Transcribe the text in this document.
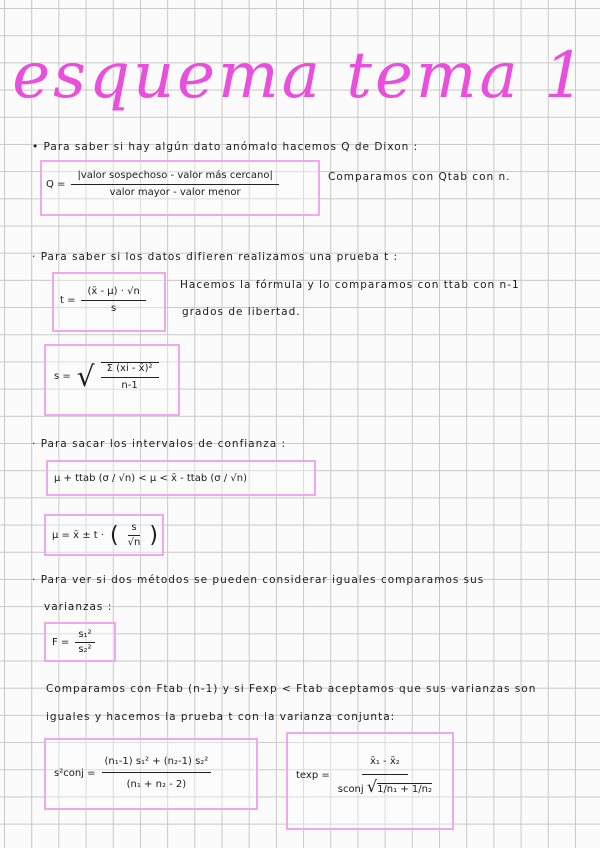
esquema tema 1
• Para saber si hay algún dato anómalo hacemos Q de Dixon :
$Q = \frac{\text{|valor sospechoso - valor más cercano|}}{\text{valor mayor - valor menor}}$	Comparamos con Qtab con n.
· Para saber si los datos difieren realizamos una prueba t :
$t = \frac{(x̄ - \mu) \cdot √n}{s}$
Hacemos la fórmula y lo comparamos con ttab con n-1
grados de libertad.
s = √ $\frac{\text{Σ (xi - x̄)²}}{n-1}$
· Para sacar los intervalos de confianza :
μ + ttab (σ / √n) < μ < x̄ - ttab (σ / √n)
μ = x̄ ± t · ( $\frac{s}{√n}$ )
· Para ver si dos métodos se pueden considerar iguales comparamos sus
varianzas :
$F = \frac{\text{s₁²}}{\text{s₂²}}$
Comparamos con Ftab (n-1) y si Fexp < Ftab aceptamos que sus varianzas son
iguales y hacemos la prueba t con la varianza conjunta:
s²conj = $\frac{\text{(n₁-1) s₁² + (n₂-1) s₂²}}{\text{(n₁ + n₂ - 2)}}$	$texp = \frac{\text{x̄₁ - x̄₂}}{\text{sconj √1/n₁ + 1/n₂}}$
